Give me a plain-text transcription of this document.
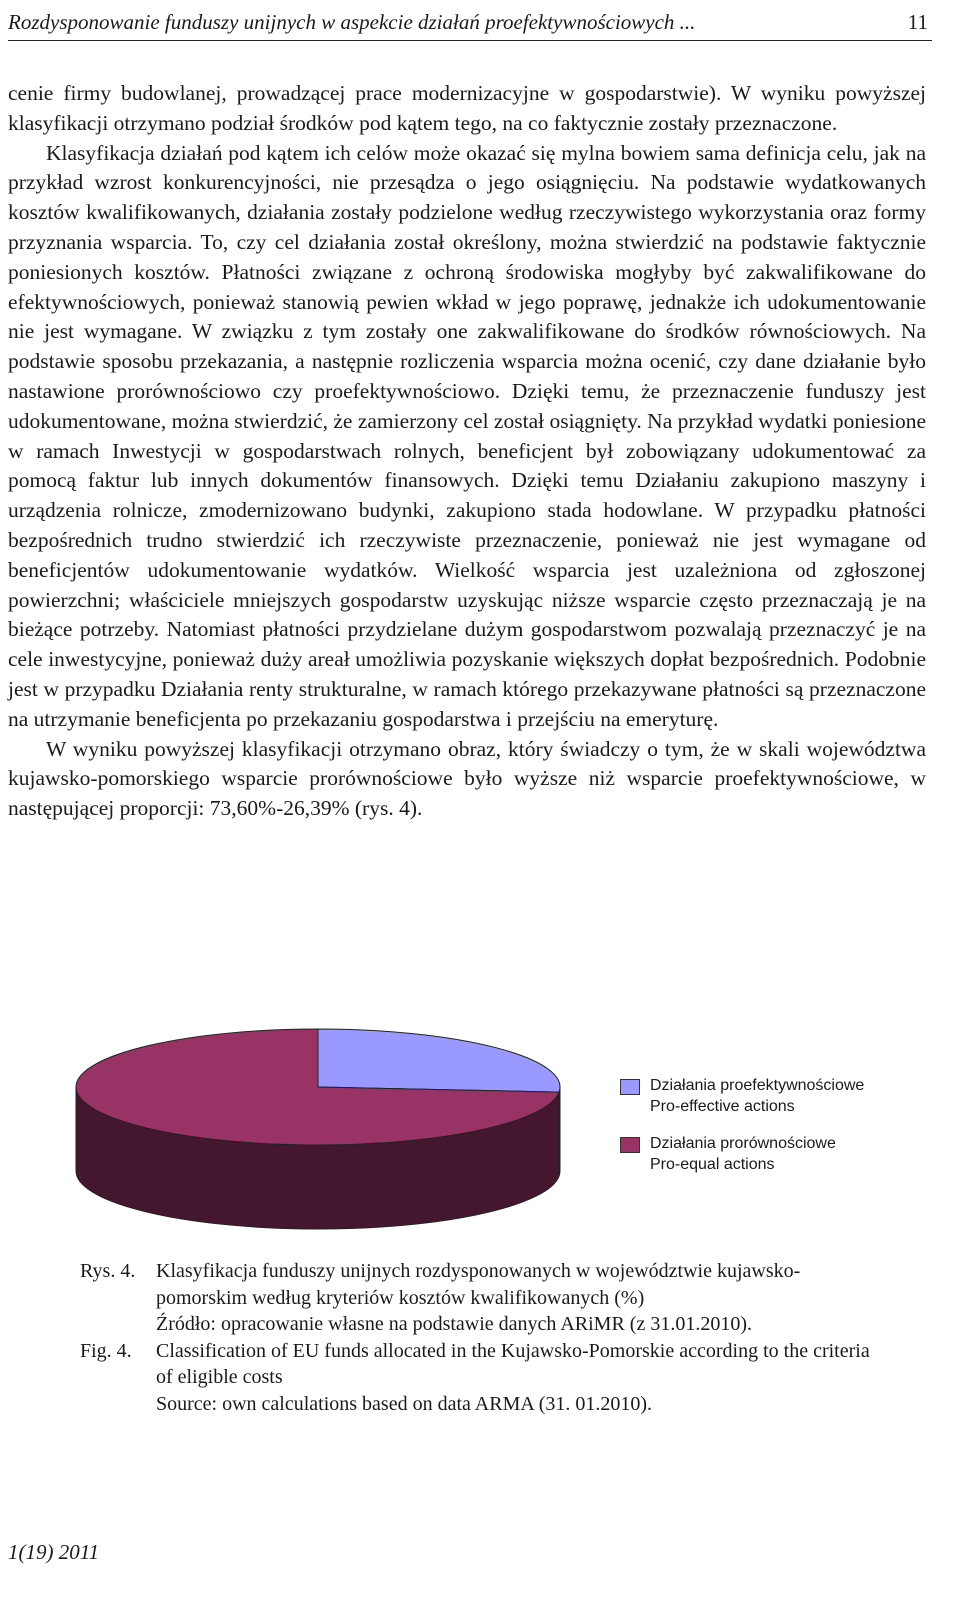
Rozdysponowanie funduszy unijnych w aspekcie działań proefektywnościowych ...	11

cenie firmy budowlanej, prowadzącej prace modernizacyjne w gospodarstwie). W wyniku powyższej klasyfikacji otrzymano podział środków pod kątem tego, na co faktycznie zostały przeznaczone.

Klasyfikacja działań pod kątem ich celów może okazać się mylna bowiem sama definicja celu, jak na przykład wzrost konkurencyjności, nie przesądza o jego osiągnięciu. Na podstawie wydatkowanych kosztów kwalifikowanych, działania zostały podzielone według rzeczywistego wykorzystania oraz formy przyznania wsparcia. To, czy cel działania został określony, można stwierdzić na podstawie faktycznie poniesionych kosztów. Płatności związane z ochroną środowiska mogłyby być zakwalifikowane do efektywnościowych, ponieważ stanowią pewien wkład w jego poprawę, jednakże ich udokumentowanie nie jest wymagane. W związku z tym zostały one zakwalifikowane do środków równościowych. Na podstawie sposobu przekazania, a następnie rozliczenia wsparcia można ocenić, czy dane działanie było nastawione prorównościowo czy proefektywnościowo. Dzięki temu, że przeznaczenie funduszy jest udokumentowane, można stwierdzić, że zamierzony cel został osiągnięty. Na przykład wydatki poniesione w ramach Inwestycji w gospodarstwach rolnych, beneficjent był zobowiązany udokumentować za pomocą faktur lub innych dokumentów finansowych. Dzięki temu Działaniu zakupiono maszyny i urządzenia rolnicze, zmodernizowano budynki, zakupiono stada hodowlane. W przypadku płatności bezpośrednich trudno stwierdzić ich rzeczywiste przeznaczenie, ponieważ nie jest wymagane od beneficjentów udokumentowanie wydatków. Wielkość wsparcia jest uzależniona od zgłoszonej powierzchni; właściciele mniejszych gospodarstw uzyskując niższe wsparcie często przeznaczają je na bieżące potrzeby. Natomiast płatności przydzielane dużym gospodarstwom pozwalają przeznaczyć je na cele inwestycyjne, ponieważ duży areał umożliwia pozyskanie większych dopłat bezpośrednich. Podobnie jest w przypadku Działania renty strukturalne, w ramach którego przekazywane płatności są przeznaczone na utrzymanie beneficjenta po przekazaniu gospodarstwa i przejściu na emeryturę.

W wyniku powyższej klasyfikacji otrzymano obraz, który świadczy o tym, że w skali województwa kujawsko-pomorskiego wsparcie prorównościowe było wyższe niż wsparcie proefektywnościowe, w następującej proporcji: 73,60%-26,39% (rys. 4).

Działania proefektywnościowe
Pro-effective actions
Działania prorównościowe
Pro-equal actions
Rys. 4. Klasyfikacja funduszy unijnych rozdysponowanych w województwie kujawsko-pomorskim według kryteriów kosztów kwalifikowanych (%)
Źródło: opracowanie własne na podstawie danych ARiMR (z 31.01.2010).
Fig. 4. Classification of EU funds allocated in the Kujawsko-Pomorskie according to the criteria of eligible costs
Source: own calculations based on data ARMA (31. 01.2010).
1(19) 2011
